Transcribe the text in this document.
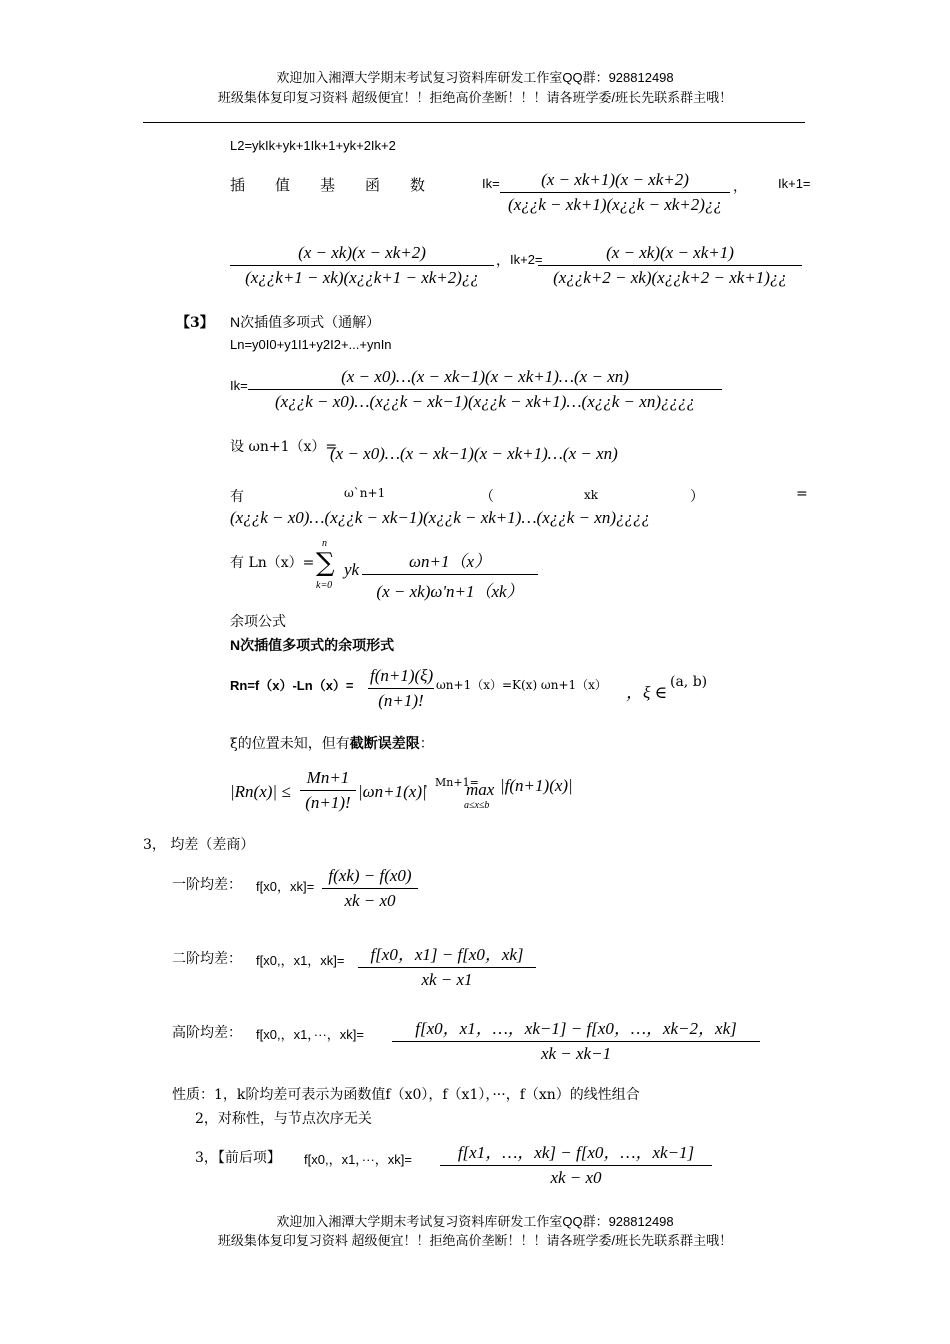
欢迎加入湘潭大学期末考试复习资料库研发工作室QQ群：928812498
班级集体复印复习资料 超级便宜！！拒绝高价垄断！！！请各班学委/班长先联系群主哦！
L2=ykIk+yk+1Ik+1+yk+2Ik+2
插　　值　　基　　函　　数	Ik=	(x − xk+1)(x − xk+2)
(x¿¿k − xk+1)(x¿¿k − xk+2)¿¿
， Ik+1=
(x − xk)(x − xk+2)
(x¿¿k+1 − xk)(x¿¿k+1 − xk+2)¿¿
， Ik+2=	(x − xk)(x − xk+1)
(x¿¿k+2 − xk)(x¿¿k+2 − xk+1)¿¿
【3】 N次插值多项式（通解）
Ln=y0I0+y1I1+y2I2+...+ynIn
Ik=	(x − x0)…(x − xk−1)(x − xk+1)…(x − xn)
(x¿¿k − x0)…(x¿¿k − xk−1)(x¿¿k − xk+1)…(x¿¿k − xn)¿¿¿¿
设 ωn+1（x）=
(x − x0)…(x − xk−1)(x − xk+1)…(x − xn)
有	ω`n+1	（	xk	）	=
(x¿¿k − x0)…(x¿¿k − xk−1)(x¿¿k − xk+1)…(x¿¿k − xn)¿¿¿¿
有 Ln（x）=
n
∑
k=0
yk	ωn+1（x）
(x − xk)ω'n+1（xk）
余项公式
N次插值多项式的余项形式
Rn=f（x）-Ln（x）=
f(n+1)(ξ)
(n+1)!
ωn+1（x）=K(x) ωn+1（x） ，ξ ∈
(a, b)
ξ的位置未知，但有截断误差限：
|Rn(x)| ≤
Mn+1
(n+1)!
|ωn+1(x)|
，Mn+1=
max
a≤x≤b
|f(n+1)(x)|
3， 均差（差商）
一阶均差： f[x0，xk]=
f(xk) − f(x0)
xk − x0
二阶均差： f[x0,，x1，xk]=	f[x0，x1] − f[x0，xk]
xk − x1
高阶均差： f[x0,，x1，···，xk]=	f[x0，x1，…，xk−1] − f[x0，…，xk−2，xk]
xk − xk−1
性质：1，k阶均差可表示为函数值f（x0），f（x1），···，f（xn）的线性组合
2，对称性，与节点次序无关
3，【前后项】 f[x0,，x1，···，xk]=	f[x1，…，xk] − f[x0，…，xk−1]
xk − x0
欢迎加入湘潭大学期末考试复习资料库研发工作室QQ群：928812498
班级集体复印复习资料 超级便宜！！拒绝高价垄断！！！请各班学委/班长先联系群主哦！
